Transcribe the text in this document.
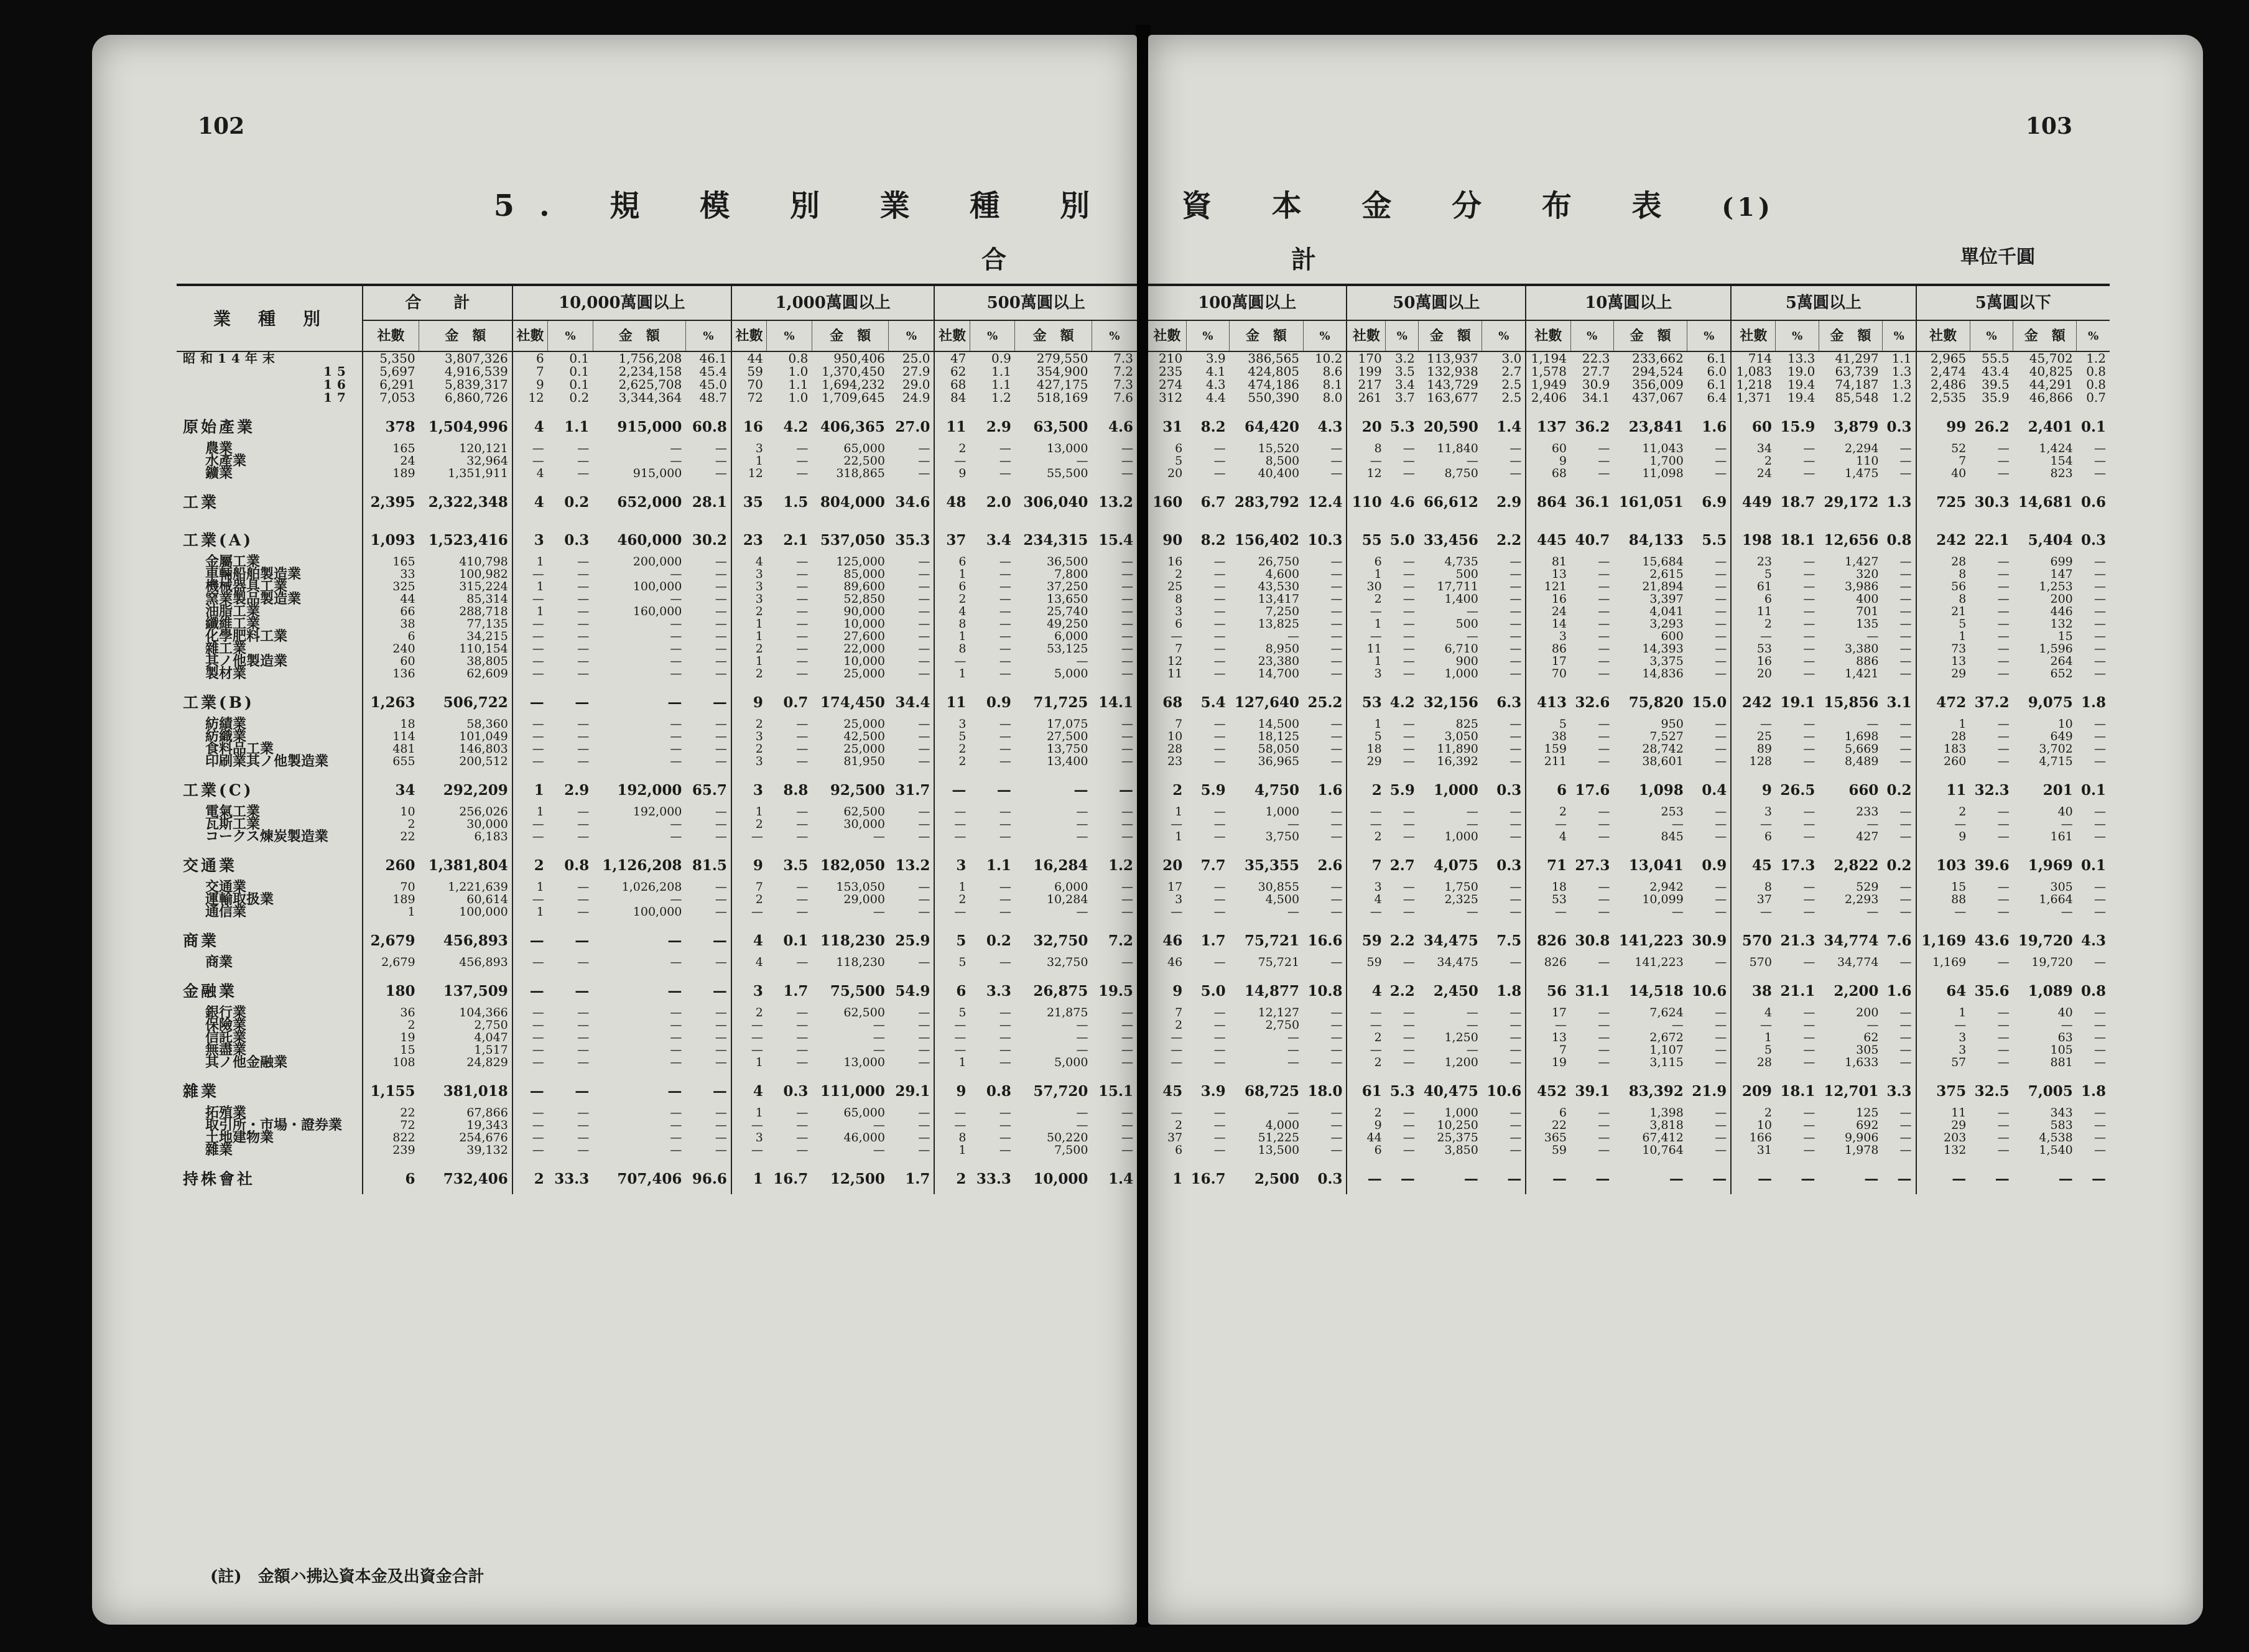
102
5. 規 模 別 業 種 別
合
業　種　別	合　　計		10,000萬圓以上				1,000萬圓以上				500萬圓以上			
	社數	金　額	社數	%	金　額	%	社數	%	金　額	%	社數	%	金　額	%
昭和14年末	5,350	3,807,326	6	0.1	1,756,208	46.1	44	0.8	950,406	25.0	47	0.9	279,550	7.3
15	5,697	4,916,539	7	0.1	2,234,158	45.4	59	1.0	1,370,450	27.9	62	1.1	354,900	7.2
16	6,291	5,839,317	9	0.1	2,625,708	45.0	70	1.1	1,694,232	29.0	68	1.1	427,175	7.3
17	7,053	6,860,726	12	0.2	3,344,364	48.7	72	1.0	1,709,645	24.9	84	1.2	518,169	7.6
原始產業	378	1,504,996	4	1.1	915,000	60.8	16	4.2	406,365	27.0	11	2.9	63,500	4.6
農業	165	120,121	—	—	—	—	3	—	65,000	—	2	—	13,000	—
水產業	24	32,964	—	—	—	—	1	—	22,500	—	—	—	—	—
鑛業	189	1,351,911	4	—	915,000	—	12	—	318,865	—	9	—	55,500	—
工業	2,395	2,322,348	4	0.2	652,000	28.1	35	1.5	804,000	34.6	48	2.0	306,040	13.2
工業(A)	1,093	1,523,416	3	0.3	460,000	30.2	23	2.1	537,050	35.3	37	3.4	234,315	15.4
金屬工業	165	410,798	1	—	200,000	—	4	—	125,000	—	6	—	36,500	—
車輛船舶製造業	33	100,982	—	—	—	—	3	—	85,000	—	1	—	7,800	—
機械器具工業	325	315,224	1	—	100,000	—	3	—	89,600	—	6	—	37,250	—
窯業製品製造業	44	85,314	—	—	—	—	3	—	52,850	—	2	—	13,650	—
油脂工業	66	288,718	1	—	160,000	—	2	—	90,000	—	4	—	25,740	—
纖維工業	38	77,135	—	—	—	—	1	—	10,000	—	8	—	49,250	—
化學肥料工業	6	34,215	—	—	—	—	1	—	27,600	—	1	—	6,000	—
雜工業	240	110,154	—	—	—	—	2	—	22,000	—	8	—	53,125	—
其ノ他製造業	60	38,805	—	—	—	—	1	—	10,000	—	—	—	—	—
製材業	136	62,609	—	—	—	—	2	—	25,000	—	1	—	5,000	—
工業(B)	1,263	506,722	—	—	—	—	9	0.7	174,450	34.4	11	0.9	71,725	14.1
紡績業	18	58,360	—	—	—	—	2	—	25,000	—	3	—	17,075	—
紡織業	114	101,049	—	—	—	—	3	—	42,500	—	5	—	27,500	—
食料品工業	481	146,803	—	—	—	—	2	—	25,000	—	2	—	13,750	—
印刷業其ノ他製造業	655	200,512	—	—	—	—	3	—	81,950	—	2	—	13,400	—
工業(C)	34	292,209	1	2.9	192,000	65.7	3	8.8	92,500	31.7	—	—	—	—
電氣工業	10	256,026	1	—	192,000	—	1	—	62,500	—	—	—	—	—
瓦斯工業	2	30,000	—	—	—	—	2	—	30,000	—	—	—	—	—
コークス煉炭製造業	22	6,183	—	—	—	—	—	—	—	—	—	—	—	—
交通業	260	1,381,804	2	0.8	1,126,208	81.5	9	3.5	182,050	13.2	3	1.1	16,284	1.2
交通業	70	1,221,639	1	—	1,026,208	—	7	—	153,050	—	1	—	6,000	—
運輸取扱業	189	60,614	—	—	—	—	2	—	29,000	—	2	—	10,284	—
通信業	1	100,000	1	—	100,000	—	—	—	—	—	—	—	—	—
商業	2,679	456,893	—	—	—	—	4	0.1	118,230	25.9	5	0.2	32,750	7.2
商業	2,679	456,893	—	—	—	—	4	—	118,230	—	5	—	32,750	—
金融業	180	137,509	—	—	—	—	3	1.7	75,500	54.9	6	3.3	26,875	19.5
銀行業	36	104,366	—	—	—	—	2	—	62,500	—	5	—	21,875	—
保險業	2	2,750	—	—	—	—	—	—	—	—	—	—	—	—
信託業	19	4,047	—	—	—	—	—	—	—	—	—	—	—	—
無盡業	15	1,517	—	—	—	—	—	—	—	—	—	—	—	—
其ノ他金融業	108	24,829	—	—	—	—	1	—	13,000	—	1	—	5,000	—
雜業	1,155	381,018	—	—	—	—	4	0.3	111,000	29.1	9	0.8	57,720	15.1
拓殖業	22	67,866	—	—	—	—	1	—	65,000	—	—	—	—	—
取引所・市場・證券業	72	19,343	—	—	—	—	—	—	—	—	—	—	—	—
土地建物業	822	254,676	—	—	—	—	3	—	46,000	—	8	—	50,220	—
雜業	239	39,132	—	—	—	—	—	—	—	—	1	—	7,500	—
持株會社	6	732,406	2	33.3	707,406	96.6	1	16.7	12,500	1.7	2	33.3	10,000	1.4
(註)　金額ハ拂込資本金及出資金合計
103
資 本 金 分 布 表 (1)
計	單位千圓
100萬圓以上				50萬圓以上				10萬圓以上				5萬圓以上				5萬圓以下			
社數	%	金　額	%	社數	%	金　額	%	社數	%	金　額	%	社數	%	金　額	%	社數	%	金　額	%
210	3.9	386,565	10.2	170	3.2	113,937	3.0	1,194	22.3	233,662	6.1	714	13.3	41,297	1.1	2,965	55.5	45,702	1.2
235	4.1	424,805	8.6	199	3.5	132,938	2.7	1,578	27.7	294,524	6.0	1,083	19.0	63,739	1.3	2,474	43.4	40,825	0.8
274	4.3	474,186	8.1	217	3.4	143,729	2.5	1,949	30.9	356,009	6.1	1,218	19.4	74,187	1.3	2,486	39.5	44,291	0.8
312	4.4	550,390	8.0	261	3.7	163,677	2.5	2,406	34.1	437,067	6.4	1,371	19.4	85,548	1.2	2,535	35.9	46,866	0.7
31	8.2	64,420	4.3	20	5.3	20,590	1.4	137	36.2	23,841	1.6	60	15.9	3,879	0.3	99	26.2	2,401	0.1
6	—	15,520	—	8	—	11,840	—	60	—	11,043	—	34	—	2,294	—	52	—	1,424	—
5	—	8,500	—	—	—	—	—	9	—	1,700	—	2	—	110	—	7	—	154	—
20	—	40,400	—	12	—	8,750	—	68	—	11,098	—	24	—	1,475	—	40	—	823	—
160	6.7	283,792	12.4	110	4.6	66,612	2.9	864	36.1	161,051	6.9	449	18.7	29,172	1.3	725	30.3	14,681	0.6
90	8.2	156,402	10.3	55	5.0	33,456	2.2	445	40.7	84,133	5.5	198	18.1	12,656	0.8	242	22.1	5,404	0.3
16	—	26,750	—	6	—	4,735	—	81	—	15,684	—	23	—	1,427	—	28	—	699	—
2	—	4,600	—	1	—	500	—	13	—	2,615	—	5	—	320	—	8	—	147	—
25	—	43,530	—	30	—	17,711	—	121	—	21,894	—	61	—	3,986	—	56	—	1,253	—
8	—	13,417	—	2	—	1,400	—	16	—	3,397	—	6	—	400	—	8	—	200	—
3	—	7,250	—	—	—	—	—	24	—	4,041	—	11	—	701	—	21	—	446	—
6	—	13,825	—	1	—	500	—	14	—	3,293	—	2	—	135	—	5	—	132	—
—	—	—	—	—	—	—	—	3	—	600	—	—	—	—	—	1	—	15	—
7	—	8,950	—	11	—	6,710	—	86	—	14,393	—	53	—	3,380	—	73	—	1,596	—
12	—	23,380	—	1	—	900	—	17	—	3,375	—	16	—	886	—	13	—	264	—
11	—	14,700	—	3	—	1,000	—	70	—	14,836	—	20	—	1,421	—	29	—	652	—
68	5.4	127,640	25.2	53	4.2	32,156	6.3	413	32.6	75,820	15.0	242	19.1	15,856	3.1	472	37.2	9,075	1.8
7	—	14,500	—	1	—	825	—	5	—	950	—	—	—	—	—	1	—	10	—
10	—	18,125	—	5	—	3,050	—	38	—	7,527	—	25	—	1,698	—	28	—	649	—
28	—	58,050	—	18	—	11,890	—	159	—	28,742	—	89	—	5,669	—	183	—	3,702	—
23	—	36,965	—	29	—	16,392	—	211	—	38,601	—	128	—	8,489	—	260	—	4,715	—
2	5.9	4,750	1.6	2	5.9	1,000	0.3	6	17.6	1,098	0.4	9	26.5	660	0.2	11	32.3	201	0.1
1	—	1,000	—	—	—	—	—	2	—	253	—	3	—	233	—	2	—	40	—
—	—	—	—	—	—	—	—	—	—	—	—	—	—	—	—	—	—	—	—
1	—	3,750	—	2	—	1,000	—	4	—	845	—	6	—	427	—	9	—	161	—
20	7.7	35,355	2.6	7	2.7	4,075	0.3	71	27.3	13,041	0.9	45	17.3	2,822	0.2	103	39.6	1,969	0.1
17	—	30,855	—	3	—	1,750	—	18	—	2,942	—	8	—	529	—	15	—	305	—
3	—	4,500	—	4	—	2,325	—	53	—	10,099	—	37	—	2,293	—	88	—	1,664	—
—	—	—	—	—	—	—	—	—	—	—	—	—	—	—	—	—	—	—	—
46	1.7	75,721	16.6	59	2.2	34,475	7.5	826	30.8	141,223	30.9	570	21.3	34,774	7.6	1,169	43.6	19,720	4.3
46	—	75,721	—	59	—	34,475	—	826	—	141,223	—	570	—	34,774	—	1,169	—	19,720	—
9	5.0	14,877	10.8	4	2.2	2,450	1.8	56	31.1	14,518	10.6	38	21.1	2,200	1.6	64	35.6	1,089	0.8
7	—	12,127	—	—	—	—	—	17	—	7,624	—	4	—	200	—	1	—	40	—
2	—	2,750	—	—	—	—	—	—	—	—	—	—	—	—	—	—	—	—	—
—	—	—	—	2	—	1,250	—	13	—	2,672	—	1	—	62	—	3	—	63	—
—	—	—	—	—	—	—	—	7	—	1,107	—	5	—	305	—	3	—	105	—
—	—	—	—	2	—	1,200	—	19	—	3,115	—	28	—	1,633	—	57	—	881	—
45	3.9	68,725	18.0	61	5.3	40,475	10.6	452	39.1	83,392	21.9	209	18.1	12,701	3.3	375	32.5	7,005	1.8
—	—	—	—	2	—	1,000	—	6	—	1,398	—	2	—	125	—	11	—	343	—
2	—	4,000	—	9	—	10,250	—	22	—	3,818	—	10	—	692	—	29	—	583	—
37	—	51,225	—	44	—	25,375	—	365	—	67,412	—	166	—	9,906	—	203	—	4,538	—
6	—	13,500	—	6	—	3,850	—	59	—	10,764	—	31	—	1,978	—	132	—	1,540	—
1	16.7	2,500	0.3	—	—	—	—	—	—	—	—	—	—	—	—	—	—	—	—
